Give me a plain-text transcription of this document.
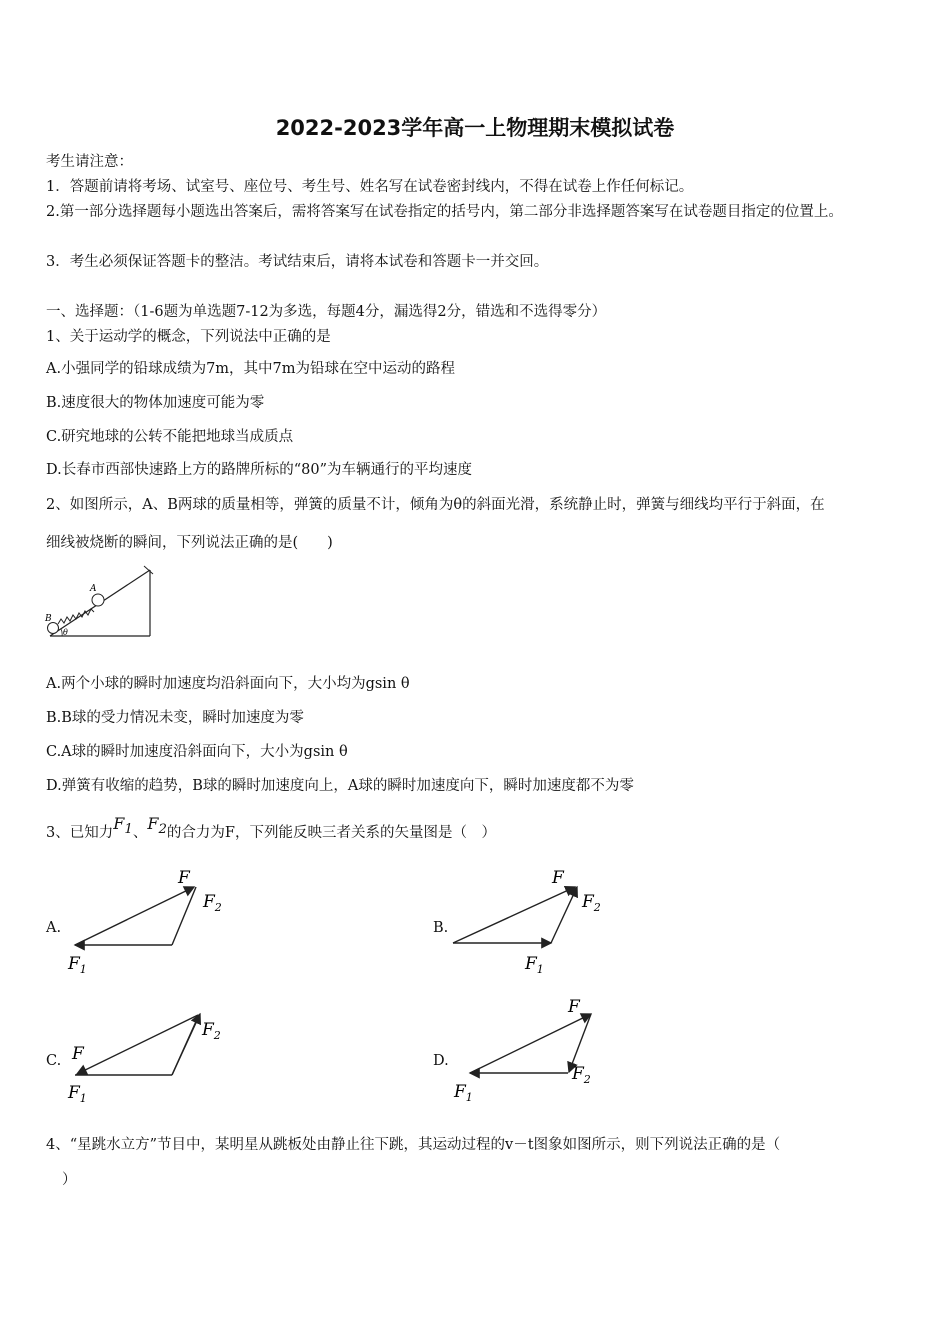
2022-2023学年高一上物理期末模拟试卷
考生请注意：
1．答题前请将考场、试室号、座位号、考生号、姓名写在试卷密封线内，不得在试卷上作任何标记。
2.第一部分选择题每小题选出答案后，需将答案写在试卷指定的括号内，第二部分非选择题答案写在试卷题目指定的位置上。
3．考生必须保证答题卡的整洁。考试结束后，请将本试卷和答题卡一并交回。
一、选择题：（1-6题为单选题7-12为多选，每题4分，漏选得2分，错选和不选得零分）
1、关于运动学的概念，下列说法中正确的是
A.小强同学的铅球成绩为7m，其中7m为铅球在空中运动的路程
B.速度很大的物体加速度可能为零
C.研究地球的公转不能把地球当成质点
D.长春市西部快速路上方的路牌所标的“80”为车辆通行的平均速度
2、如图所示，A、B两球的质量相等，弹簧的质量不计，倾角为θ的斜面光滑，系统静止时，弹簧与细线均平行于斜面，在
细线被烧断的瞬间，下列说法正确的是(　　)
A
B
θ
A.两个小球的瞬时加速度均沿斜面向下，大小均为gsin θ
B.B球的受力情况未变，瞬时加速度为零
C.A球的瞬时加速度沿斜面向下，大小为gsin θ
D.弹簧有收缩的趋势，B球的瞬时加速度向上，A球的瞬时加速度向下，瞬时加速度都不为零
3、已知力$F_1$、$F_2$的合力为F，下列能反映三者关系的矢量图是（　）
A.
F
$F_2$
$F_1$
B.
F
$F_2$
$F_1$
C. F
$F_2$
$F_1$
D.
F
$F_2$
$F_1$
4、“星跳水立方”节目中，某明星从跳板处由静止往下跳，其运动过程的v－t图象如图所示，则下列说法正确的是（
）
